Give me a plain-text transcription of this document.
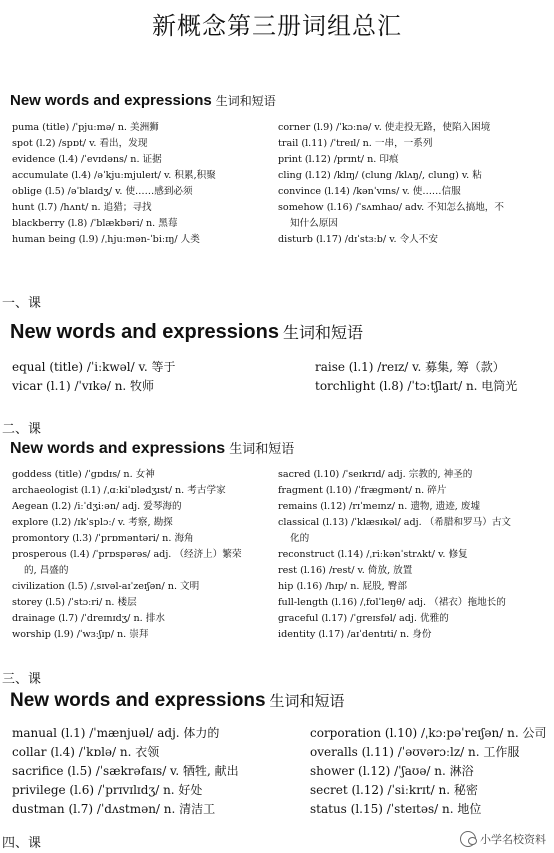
新概念第三册词组总汇
New words and expressions 生词和短语
puma (title) /ˈpjuːmə/ n. 美洲狮
spot (l.2) /spɒt/ v. 看出，发现
evidence (l.4) /ˈevɪdəns/ n. 证据
accumulate (l.4) /əˈkjuːmjuleɪt/ v. 积累,积聚
oblige (l.5) /əˈblaɪdʒ/ v. 使……感到必须
hunt (l.7) /hʌnt/ n. 追猎；寻找
blackberry (l.8) /ˈblækbəri/ n. 黑莓
human being (l.9) /ˌhjuːmən-ˈbiːɪŋ/ 人类
corner (l.9) /ˈkɔːnə/ v. 使走投无路，使陷入困境
trail (l.11) /ˈtreɪl/ n. 一串，一系列
print (l.12) /prɪnt/ n. 印痕
cling (l.12) /klɪŋ/ (clung /klʌŋ/, clung) v. 粘
convince (l.14) /kənˈvɪns/ v. 使……信服
somehow (l.16) /ˈsʌmhaʊ/ adv. 不知怎么搞地，不
知什么原因
disturb (l.17) /dɪˈstɜːb/ v. 令人不安
一、课
New words and expressions 生词和短语
equal (title) /ˈiːkwəl/ v. 等于
vicar (l.1) /ˈvɪkə/ n. 牧师
raise (l.1) /reɪz/ v. 募集, 筹（款）
torchlight (l.8) /ˈtɔːtʃlaɪt/ n. 电筒光
二、课
New words and expressions 生词和短语
goddess (title) /ˈgɒdɪs/ n. 女神
archaeologist (l.1) /ˌɑːkiˈɒlədʒɪst/ n. 考古学家
Aegean (l.2) /iːˈdʒiːən/ adj. 爱琴海的
explore (l.2) /ɪkˈsplɔː/ v. 考察, 勘探
promontory (l.3) /ˈprɒməntəri/ n. 海角
prosperous (l.4) /ˈprɒspərəs/ adj. （经济上）繁荣
的, 昌盛的
civilization (l.5) /ˌsɪvəl-aɪˈzeɪʃən/ n. 文明
storey (l.5) /ˈstɔːri/ n. 楼层
drainage (l.7) /ˈdreɪnɪdʒ/ n. 排水
worship (l.9) /ˈwɜːʃɪp/ n. 崇拜
sacred (l.10) /ˈseɪkrɪd/ adj. 宗教的, 神圣的
fragment (l.10) /ˈfrægmənt/ n. 碎片
remains (l.12) /rɪˈmeɪnz/ n. 遗物, 遗迹, 废墟
classical (l.13) /ˈklæsɪkəl/ adj. （希腊和罗马）古文
化的
reconstruct (l.14) /ˌriːkənˈstrʌkt/ v. 修复
rest (l.16) /rest/ v. 倚放, 放置
hip (l.16) /hɪp/ n. 屁股, 臀部
full-length (l.16) /ˌfʊlˈleŋθ/ adj. （裙衣）拖地长的
graceful (l.17) /ˈgreɪsfəl/ adj. 优雅的
identity (l.17) /aɪˈdentɪti/ n. 身份
三、课
New words and expressions 生词和短语
manual (l.1) /ˈmænjuəl/ adj. 体力的
collar (l.4) /ˈkɒlə/ n. 衣领
sacrifice (l.5) /ˈsækrəfaɪs/ v. 牺牲, 献出
privilege (l.6) /ˈprɪvɪlɪdʒ/ n. 好处
dustman (l.7) /ˈdʌstmən/ n. 清洁工
corporation (l.10) /ˌkɔːpəˈreɪʃən/ n. 公司
overalls (l.11) /ˈəʊvərɔːlz/ n. 工作服
shower (l.12) /ˈʃaʊə/ n. 淋浴
secret (l.12) /ˈsiːkrɪt/ n. 秘密
status (l.15) /ˈsteɪtəs/ n. 地位
四、课	小学名校资料
